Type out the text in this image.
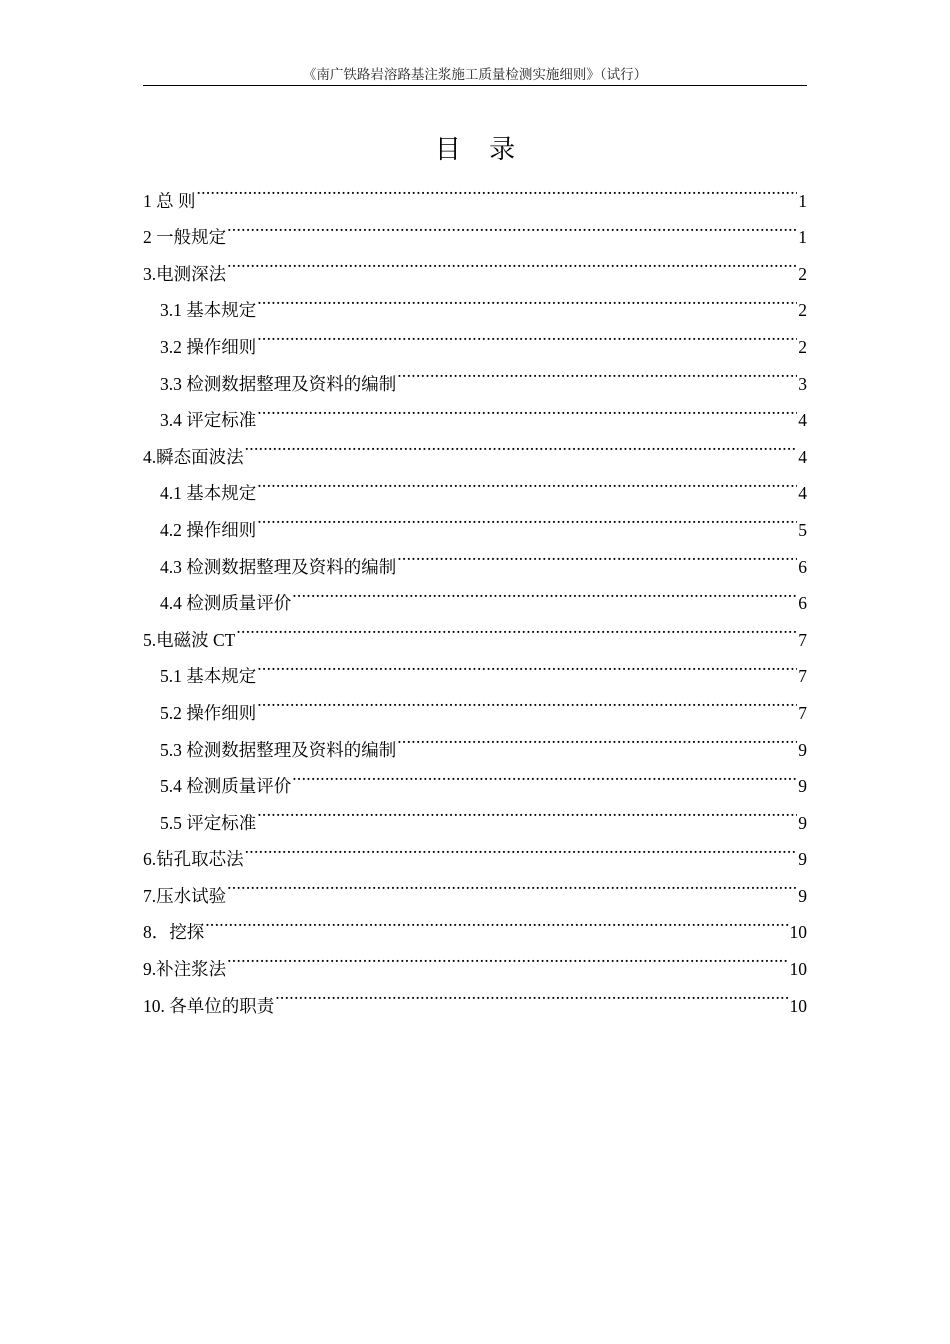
《南广铁路岩溶路基注浆施工质量检测实施细则》（试行）
目 录
1 总 则 .....	1
2 一般规定 .....	1
3.电测深法 .....	2
3.1 基本规定 .....	2
3.2 操作细则 .....	2
3.3 检测数据整理及资料的编制 .....	3
3.4 评定标准 .....	4
4.瞬态面波法 .....	4
4.1 基本规定 .....	4
4.2 操作细则 .....	5
4.3 检测数据整理及资料的编制 .....	6
4.4 检测质量评价 .....	6
5.电磁波 CT .....	7
5.1 基本规定 .....	7
5.2 操作细则 .....	7
5.3 检测数据整理及资料的编制 .....	9
5.4 检测质量评价 .....	9
5.5 评定标准 .....	9
6.钻孔取芯法 .....	9
7.压水试验 .....	9
8．挖探 .....	10
9.补注浆法 .....	10
10. 各单位的职责 .....	10
